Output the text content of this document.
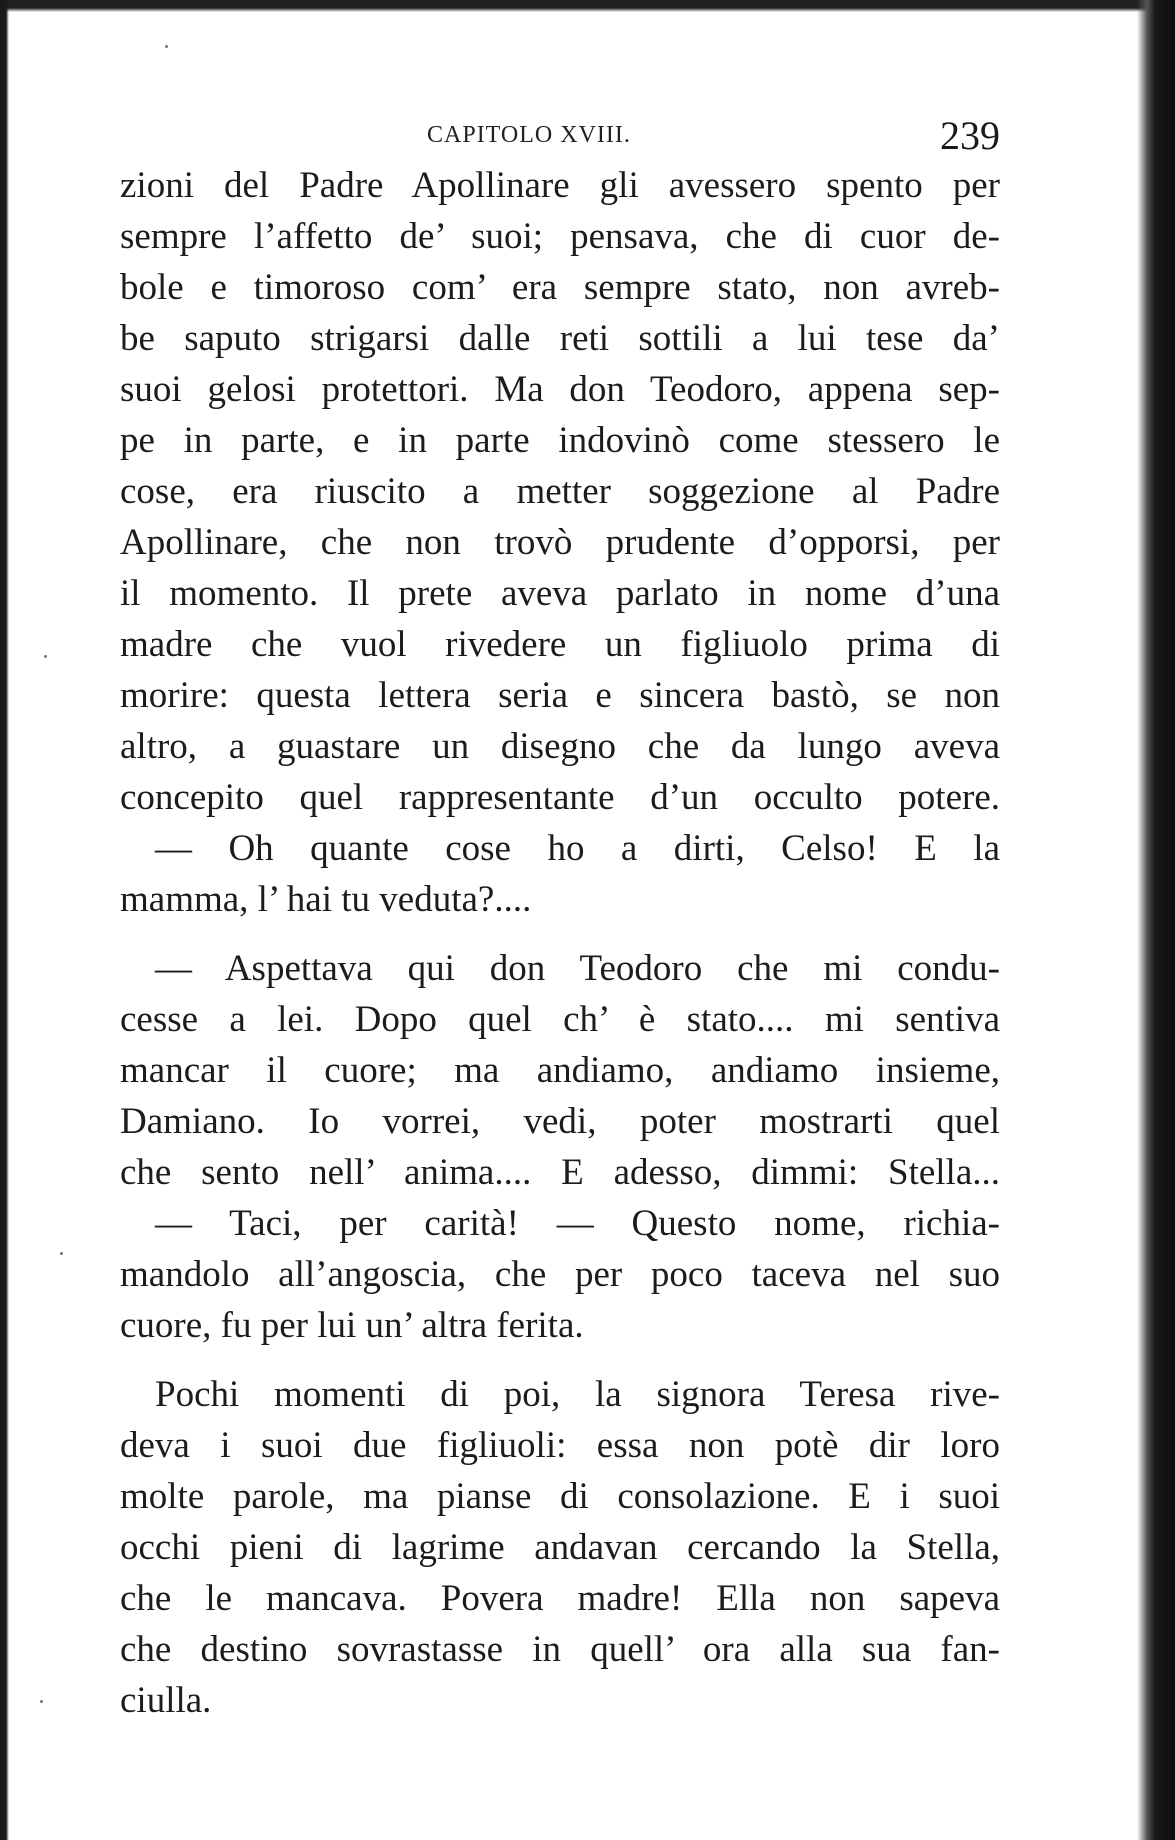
CAPITOLO XVIII.	239
zioni del Padre Apollinare gli avessero spento per
sempre l’affetto de’ suoi; pensava, che di cuor de-
bole e timoroso com’ era sempre stato, non avreb-
be saputo strigarsi dalle reti sottili a lui tese da’
suoi gelosi protettori. Ma don Teodoro, appena sep-
pe in parte, e in parte indovinò come stessero le
cose, era riuscito a metter soggezione al Padre
Apollinare, che non trovò prudente d’opporsi, per
il momento. Il prete aveva parlato in nome d’una
madre che vuol rivedere un figliuolo prima di
morire: questa lettera seria e sincera bastò, se non
altro, a guastare un disegno che da lungo aveva
concepito quel rappresentante d’un occulto potere.
— Oh quante cose ho a dirti, Celso! E la
mamma, l’ hai tu veduta?....
— Aspettava qui don Teodoro che mi condu-
cesse a lei. Dopo quel ch’ è stato.... mi sentiva
mancar il cuore; ma andiamo, andiamo insieme,
Damiano. Io vorrei, vedi, poter mostrarti quel
che sento nell’ anima.... E adesso, dimmi: Stella...
— Taci, per carità! — Questo nome, richia-
mandolo all’angoscia, che per poco taceva nel suo
cuore, fu per lui un’ altra ferita.
Pochi momenti di poi, la signora Teresa rive-
deva i suoi due figliuoli: essa non potè dir loro
molte parole, ma pianse di consolazione. E i suoi
occhi pieni di lagrime andavan cercando la Stella,
che le mancava. Povera madre! Ella non sapeva
che destino sovrastasse in quell’ ora alla sua fan-
ciulla.
